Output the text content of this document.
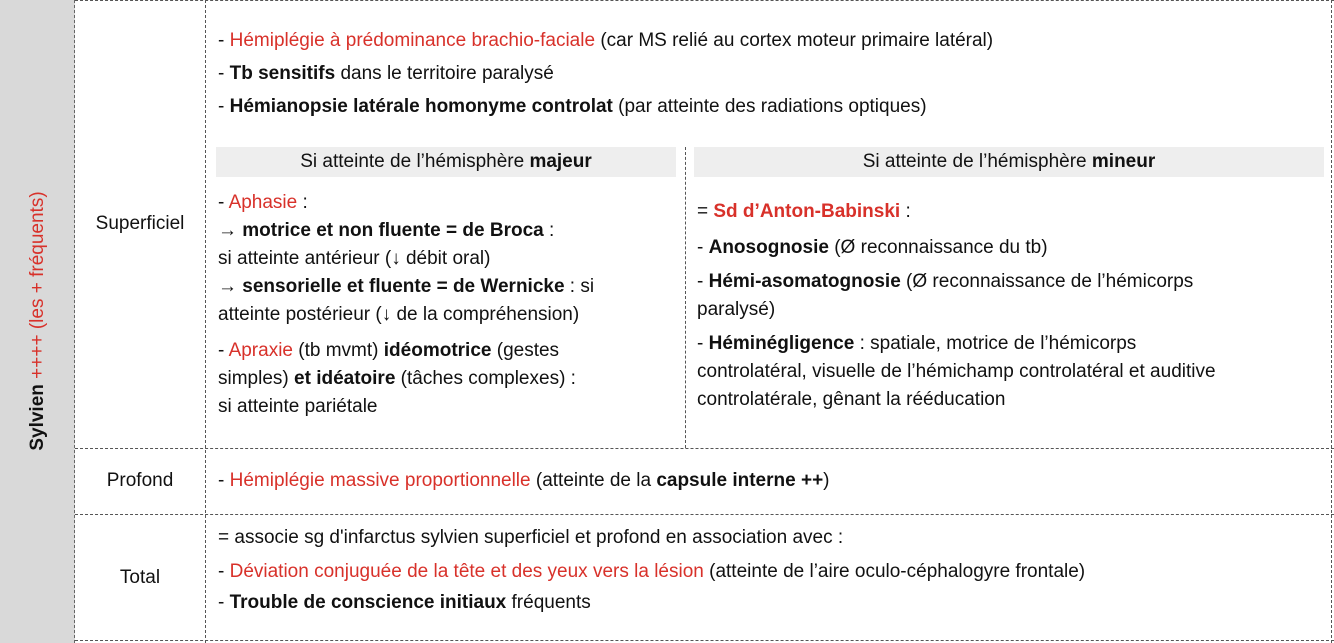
Sylvien ++++ (les + fréquents)	Superficiel

- Hémiplégie à prédominance brachio-faciale (car MS relié au cortex moteur primaire latéral)

- Tb sensitifs dans le territoire paralysé

- Hémianopsie latérale homonyme controlat (par atteinte des radiations optiques)

Si atteinte de l’hémisphère majeur

- Aphasie :

→ motrice et non fluente = de Broca :

si atteinte antérieur (↓ débit oral)

→ sensorielle et fluente = de Wernicke : si

atteinte postérieur (↓ de la compréhension)

- Apraxie (tb mvmt) idéomotrice (gestes

simples) et idéatoire (tâches complexes) :

si atteinte pariétale

Si atteinte de l’hémisphère mineur

= Sd d’Anton-Babinski :

- Anosognosie (Ø reconnaissance du tb)

- Hémi-asomatognosie (Ø reconnaissance de l’hémicorps

paralysé)

- Héminégligence : spatiale, motrice de l’hémicorps

controlatéral, visuelle de l’hémichamp controlatéral et auditive

controlatérale, gênant la rééducation

Profond	- Hémiplégie massive proportionnelle (atteinte de la capsule interne ++)

Total

= associe sg d'infarctus sylvien superficiel et profond en association avec :

- Déviation conjuguée de la tête et des yeux vers la lésion (atteinte de l’aire oculo-céphalogyre frontale)

- Trouble de conscience initiaux fréquents
